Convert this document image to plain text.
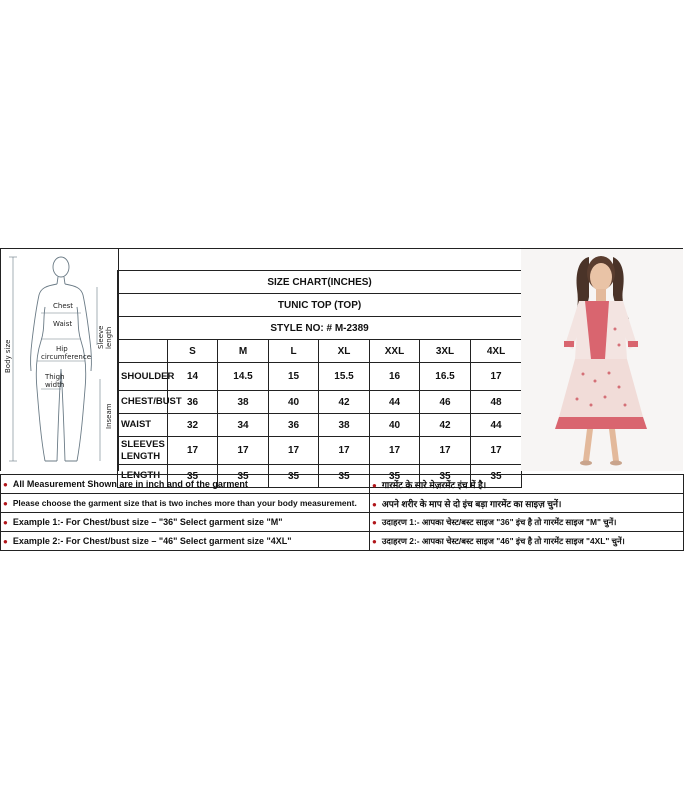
Chest
Waist
Hip
circumference
Thigh
width
Sleeve length
Body size
Inseam
SIZE CHART(INCHES)							
TUNIC TOP (TOP)							
STYLE NO: # M-2389							
	S	M	L	XL	XXL	3XL	4XL
SHOULDER	14	14.5	15	15.5	16	16.5	17
CHEST/BUST	36	38	40	42	44	46	48
WAIST	32	34	36	38	40	42	44
SLEEVES LENGTH	17	17	17	17	17	17	17
LENGTH	35	35	35	35	35	35	35
● All Measurement Shown are in inch and of the garment	● गारमेंट के सारे मेज़रमेंट इंच में है।
● Please choose the garment size that is two inches more than your body measurement.	● अपने शरीर के माप से दो इंच बड़ा गारमेंट का साइज़ चुनें।
● Example 1:- For Chest/bust size – "36" Select garment size "M"	● उदाहरण 1:- आपका चेस्ट/बस्ट साइज "36" इंच है तो गारमेंट साइज "M" चुनें।
● Example 2:- For Chest/bust size – "46" Select garment size "4XL"	● उदाहरण 2:- आपका चेस्ट/बस्ट साइज "46" इंच है तो गारमेंट साइज "4XL" चुनें।
